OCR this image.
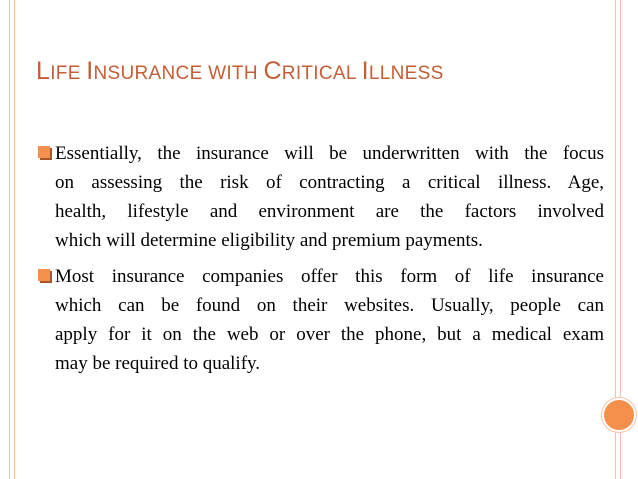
LIFE INSURANCE WITH CRITICAL ILLNESS
Essentially, the insurance will be underwritten with the focus
on assessing the risk of contracting a critical illness. Age,
health, lifestyle and environment are the factors involved
which will determine eligibility and premium payments.
Most insurance companies offer this form of life insurance
which can be found on their websites. Usually, people can
apply for it on the web or over the phone, but a medical exam
may be required to qualify.
